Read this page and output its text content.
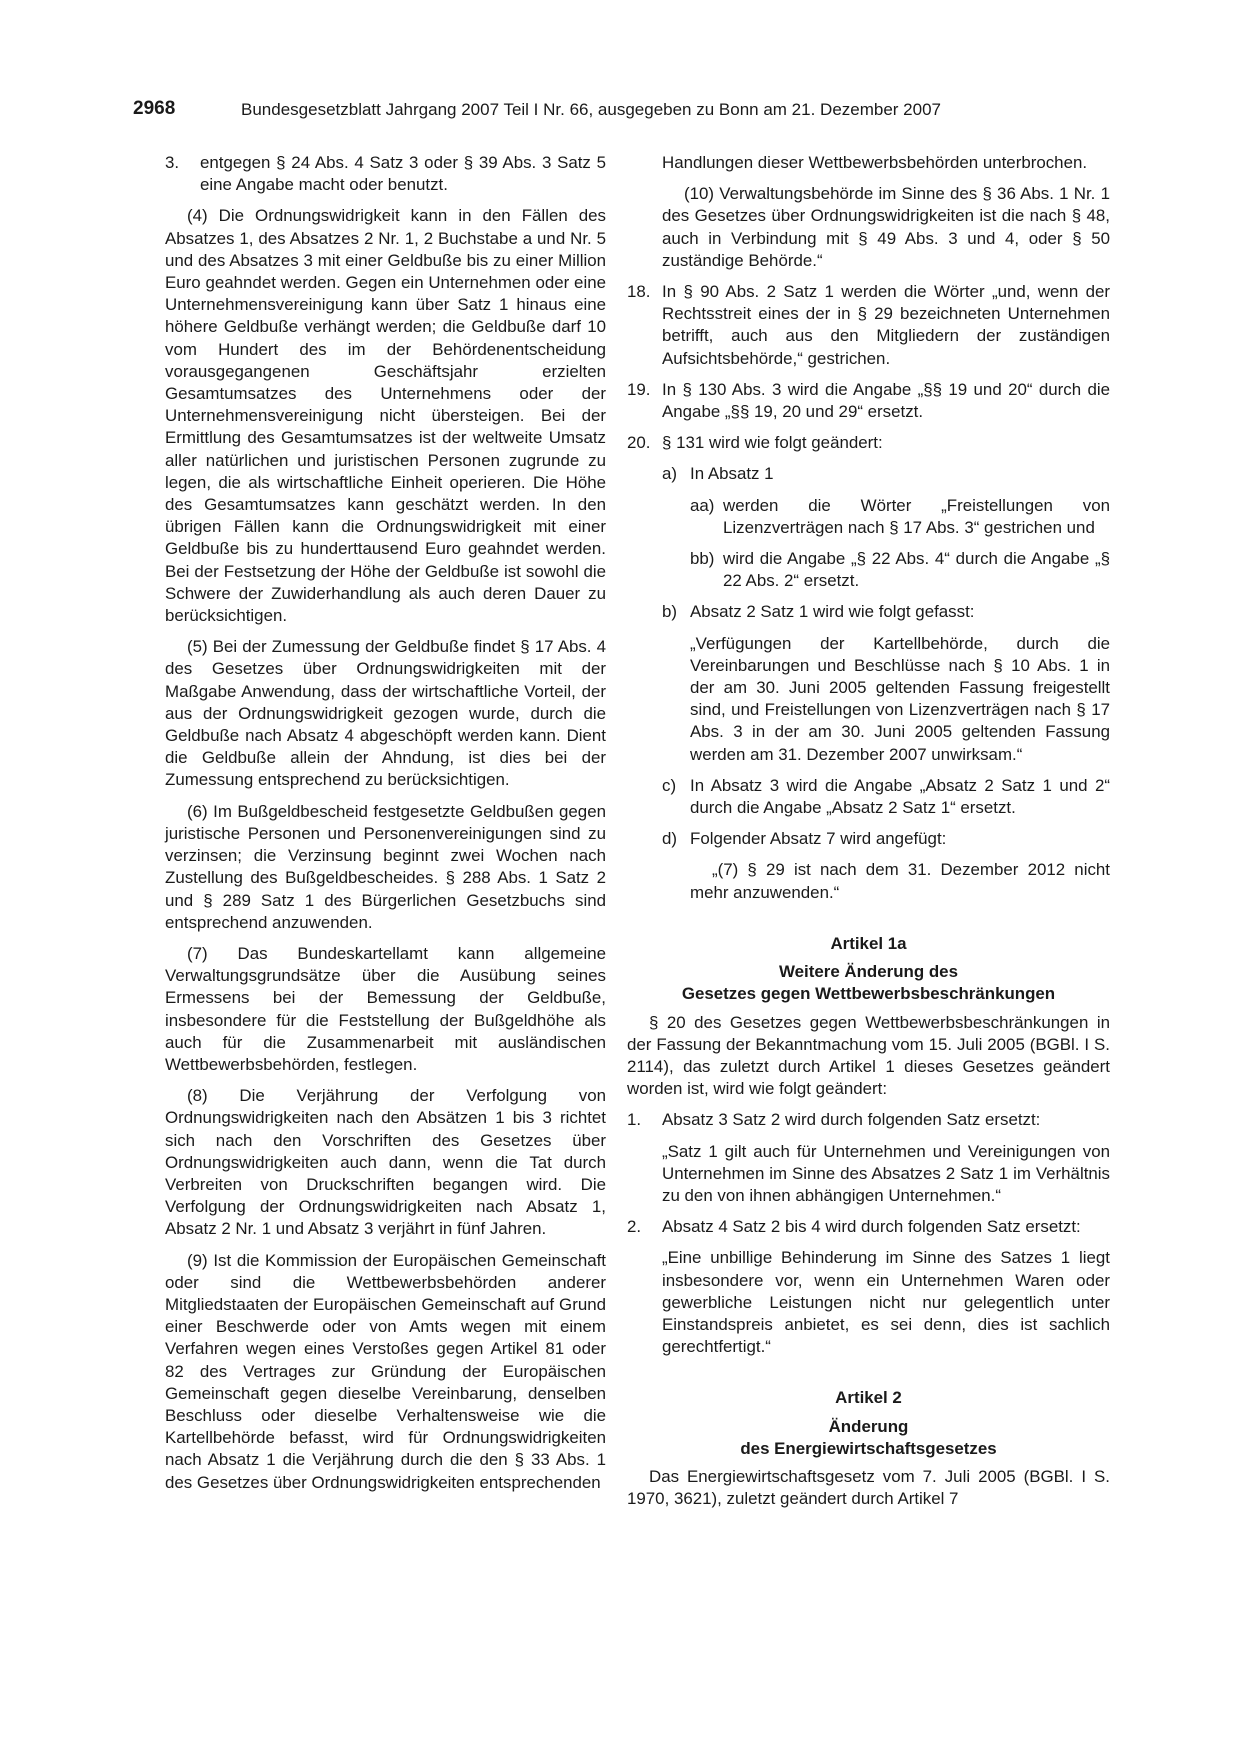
2968	Bundesgesetzblatt Jahrgang 2007 Teil I Nr. 66, ausgegeben zu Bonn am 21. Dezember 2007
3.	entgegen § 24 Abs. 4 Satz 3 oder § 39 Abs. 3 Satz 5 eine Angabe macht oder benutzt.

(4) Die Ordnungswidrigkeit kann in den Fällen des Absatzes 1, des Absatzes 2 Nr. 1, 2 Buchstabe a und Nr. 5 und des Absatzes 3 mit einer Geldbuße bis zu einer Million Euro geahndet werden. Gegen ein Unternehmen oder eine Unternehmensvereinigung kann über Satz 1 hinaus eine höhere Geldbuße verhängt werden; die Geldbuße darf 10 vom Hundert des im der Behördenentscheidung vorausgegangenen Geschäftsjahr erzielten Gesamtumsatzes des Unternehmens oder der Unternehmensvereinigung nicht übersteigen. Bei der Ermittlung des Gesamtumsatzes ist der weltweite Umsatz aller natürlichen und juristischen Personen zugrunde zu legen, die als wirtschaftliche Einheit operieren. Die Höhe des Gesamtumsatzes kann geschätzt werden. In den übrigen Fällen kann die Ordnungswidrigkeit mit einer Geldbuße bis zu hunderttausend Euro geahndet werden. Bei der Festsetzung der Höhe der Geldbuße ist sowohl die Schwere der Zuwiderhandlung als auch deren Dauer zu berücksichtigen.

(5) Bei der Zumessung der Geldbuße findet § 17 Abs. 4 des Gesetzes über Ordnungswidrigkeiten mit der Maßgabe Anwendung, dass der wirtschaftliche Vorteil, der aus der Ordnungswidrigkeit gezogen wurde, durch die Geldbuße nach Absatz 4 abgeschöpft werden kann. Dient die Geldbuße allein der Ahndung, ist dies bei der Zumessung entsprechend zu berücksichtigen.

(6) Im Bußgeldbescheid festgesetzte Geldbußen gegen juristische Personen und Personenvereinigungen sind zu verzinsen; die Verzinsung beginnt zwei Wochen nach Zustellung des Bußgeldbescheides. § 288 Abs. 1 Satz 2 und § 289 Satz 1 des Bürgerlichen Gesetzbuchs sind entsprechend anzuwenden.

(7) Das Bundeskartellamt kann allgemeine Verwaltungsgrundsätze über die Ausübung seines Ermessens bei der Bemessung der Geldbuße, insbesondere für die Feststellung der Bußgeldhöhe als auch für die Zusammenarbeit mit ausländischen Wettbewerbsbehörden, festlegen.

(8) Die Verjährung der Verfolgung von Ordnungswidrigkeiten nach den Absätzen 1 bis 3 richtet sich nach den Vorschriften des Gesetzes über Ordnungswidrigkeiten auch dann, wenn die Tat durch Verbreiten von Druckschriften begangen wird. Die Verfolgung der Ordnungswidrigkeiten nach Absatz 1, Absatz 2 Nr. 1 und Absatz 3 verjährt in fünf Jahren.

(9) Ist die Kommission der Europäischen Gemeinschaft oder sind die Wettbewerbsbehörden anderer Mitgliedstaaten der Europäischen Gemeinschaft auf Grund einer Beschwerde oder von Amts wegen mit einem Verfahren wegen eines Verstoßes gegen Artikel 81 oder 82 des Vertrages zur Gründung der Europäischen Gemeinschaft gegen dieselbe Vereinbarung, denselben Beschluss oder dieselbe Verhaltensweise wie die Kartellbehörde befasst, wird für Ordnungswidrigkeiten nach Absatz 1 die Verjährung durch die den § 33 Abs. 1 des Gesetzes über Ordnungswidrigkeiten entsprechenden

Handlungen dieser Wettbewerbsbehörden unterbrochen.

(10) Verwaltungsbehörde im Sinne des § 36 Abs. 1 Nr. 1 des Gesetzes über Ordnungswidrigkeiten ist die nach § 48, auch in Verbindung mit § 49 Abs. 3 und 4, oder § 50 zuständige Behörde.“

18. In § 90 Abs. 2 Satz 1 werden die Wörter „und, wenn der Rechtsstreit eines der in § 29 bezeichneten Unternehmen betrifft, auch aus den Mitgliedern der zuständigen Aufsichtsbehörde,“ gestrichen.
19. In § 130 Abs. 3 wird die Angabe „§§ 19 und 20“ durch die Angabe „§§ 19, 20 und 29“ ersetzt.
20. § 131 wird wie folgt geändert:
a) In Absatz 1
aa) werden die Wörter „Freistellungen von Lizenzverträgen nach § 17 Abs. 3“ gestrichen und
bb) wird die Angabe „§ 22 Abs. 4“ durch die Angabe „§ 22 Abs. 2“ ersetzt.
b) Absatz 2 Satz 1 wird wie folgt gefasst:

„Verfügungen der Kartellbehörde, durch die Vereinbarungen und Beschlüsse nach § 10 Abs. 1 in der am 30. Juni 2005 geltenden Fassung freigestellt sind, und Freistellungen von Lizenzverträgen nach § 17 Abs. 3 in der am 30. Juni 2005 geltenden Fassung werden am 31. Dezember 2007 unwirksam.“

c) In Absatz 3 wird die Angabe „Absatz 2 Satz 1 und 2“ durch die Angabe „Absatz 2 Satz 1“ ersetzt.
d) Folgender Absatz 7 wird angefügt:

„(7) § 29 ist nach dem 31. Dezember 2012 nicht mehr anzuwenden.“

Artikel 1a

Weitere Änderung des

Gesetzes gegen Wettbewerbsbeschränkungen

§ 20 des Gesetzes gegen Wettbewerbsbeschränkungen in der Fassung der Bekanntmachung vom 15. Juli 2005 (BGBl. I S. 2114), das zuletzt durch Artikel 1 dieses Gesetzes geändert worden ist, wird wie folgt geändert:

1.	Absatz 3 Satz 2 wird durch folgenden Satz ersetzt:

„Satz 1 gilt auch für Unternehmen und Vereinigungen von Unternehmen im Sinne des Absatzes 2 Satz 1 im Verhältnis zu den von ihnen abhängigen Unternehmen.“

2.	Absatz 4 Satz 2 bis 4 wird durch folgenden Satz ersetzt:

„Eine unbillige Behinderung im Sinne des Satzes 1 liegt insbesondere vor, wenn ein Unternehmen Waren oder gewerbliche Leistungen nicht nur gelegentlich unter Einstandspreis anbietet, es sei denn, dies ist sachlich gerechtfertigt.“

Artikel 2

Änderung

des Energiewirtschaftsgesetzes

Das Energiewirtschaftsgesetz vom 7. Juli 2005 (BGBl. I S. 1970, 3621), zuletzt geändert durch Artikel 7
